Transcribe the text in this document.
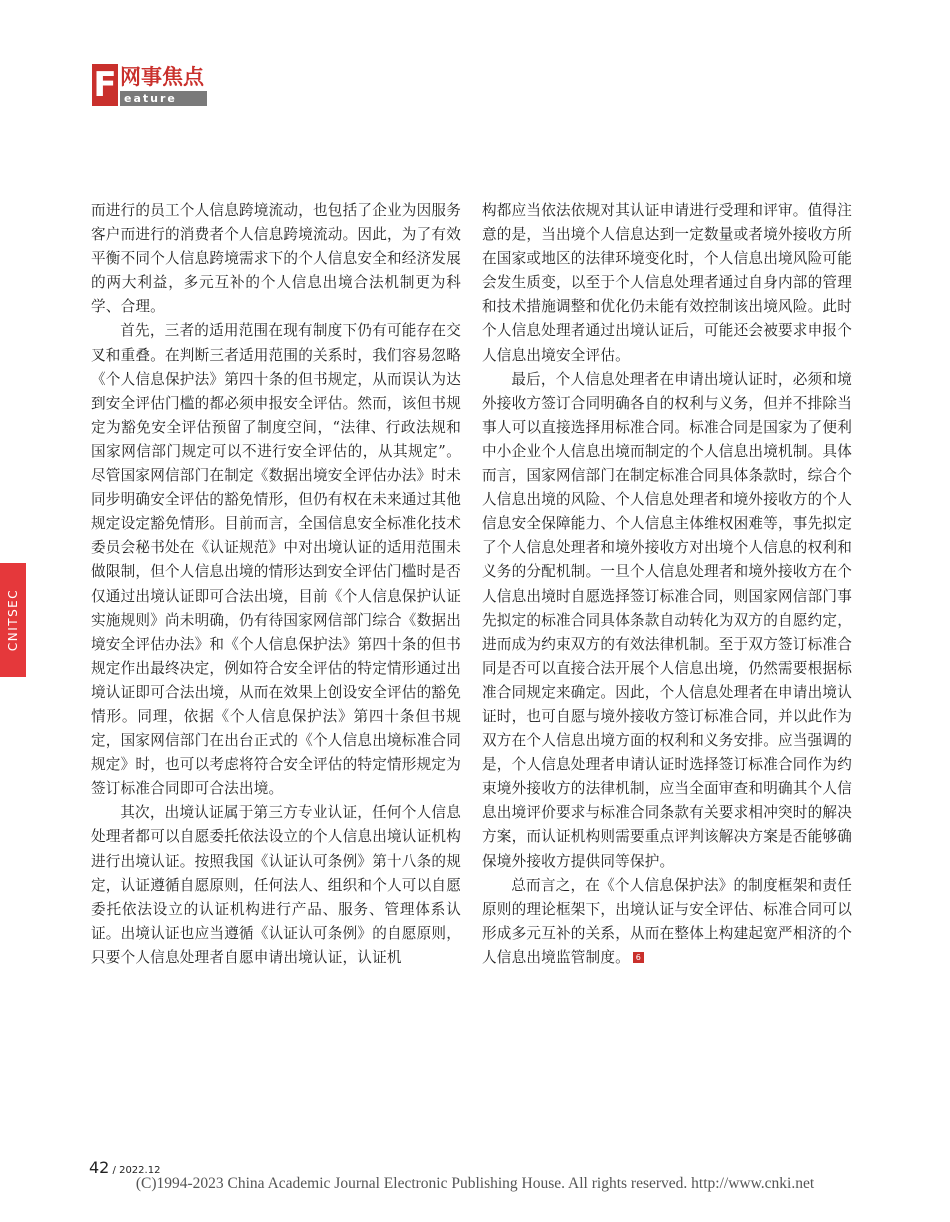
F 网事焦点
eature
CNITSEC

而进行的员工个人信息跨境流动，也包括了企业为因服务客户而进行的消费者个人信息跨境流动。因此，为了有效平衡不同个人信息跨境需求下的个人信息安全和经济发展的两大利益，多元互补的个人信息出境合法机制更为科学、合理。

首先，三者的适用范围在现有制度下仍有可能存在交叉和重叠。在判断三者适用范围的关系时，我们容易忽略《个人信息保护法》第四十条的但书规定，从而误认为达到安全评估门槛的都必须申报安全评估。然而，该但书规定为豁免安全评估预留了制度空间，“法律、行政法规和国家网信部门规定可以不进行安全评估的，从其规定”。尽管国家网信部门在制定《数据出境安全评估办法》时未同步明确安全评估的豁免情形，但仍有权在未来通过其他规定设定豁免情形。目前而言，全国信息安全标准化技术委员会秘书处在《认证规范》中对出境认证的适用范围未做限制，但个人信息出境的情形达到安全评估门槛时是否仅通过出境认证即可合法出境，目前《个人信息保护认证实施规则》尚未明确，仍有待国家网信部门综合《数据出境安全评估办法》和《个人信息保护法》第四十条的但书规定作出最终决定，例如符合安全评估的特定情形通过出境认证即可合法出境，从而在效果上创设安全评估的豁免情形。同理，依据《个人信息保护法》第四十条但书规定，国家网信部门在出台正式的《个人信息出境标准合同规定》时，也可以考虑将符合安全评估的特定情形规定为签订标准合同即可合法出境。

其次，出境认证属于第三方专业认证，任何个人信息处理者都可以自愿委托依法设立的个人信息出境认证机构进行出境认证。按照我国《认证认可条例》第十八条的规定，认证遵循自愿原则，任何法人、组织和个人可以自愿委托依法设立的认证机构进行产品、服务、管理体系认证。出境认证也应当遵循《认证认可条例》的自愿原则，只要个人信息处理者自愿申请出境认证，认证机

构都应当依法依规对其认证申请进行受理和评审。值得注意的是，当出境个人信息达到一定数量或者境外接收方所在国家或地区的法律环境变化时，个人信息出境风险可能会发生质变，以至于个人信息处理者通过自身内部的管理和技术措施调整和优化仍未能有效控制该出境风险。此时个人信息处理者通过出境认证后，可能还会被要求申报个人信息出境安全评估。

最后，个人信息处理者在申请出境认证时，必须和境外接收方签订合同明确各自的权利与义务，但并不排除当事人可以直接选择用标准合同。标准合同是国家为了便利中小企业个人信息出境而制定的个人信息出境机制。具体而言，国家网信部门在制定标准合同具体条款时，综合个人信息出境的风险、个人信息处理者和境外接收方的个人信息安全保障能力、个人信息主体维权困难等，事先拟定了个人信息处理者和境外接收方对出境个人信息的权利和义务的分配机制。一旦个人信息处理者和境外接收方在个人信息出境时自愿选择签订标准合同，则国家网信部门事先拟定的标准合同具体条款自动转化为双方的自愿约定，进而成为约束双方的有效法律机制。至于双方签订标准合同是否可以直接合法开展个人信息出境，仍然需要根据标准合同规定来确定。因此，个人信息处理者在申请出境认证时，也可自愿与境外接收方签订标准合同，并以此作为双方在个人信息出境方面的权利和义务安排。应当强调的是，个人信息处理者申请认证时选择签订标准合同作为约束境外接收方的法律机制，应当全面审查和明确其个人信息出境评价要求与标准合同条款有关要求相冲突时的解决方案，而认证机构则需要重点评判该解决方案是否能够确保境外接收方提供同等保护。

总而言之，在《个人信息保护法》的制度框架和责任原则的理论框架下，出境认证与安全评估、标准合同可以形成多元互补的关系，从而在整体上构建起宽严相济的个人信息出境监管制度。 6

42 / 2022.12
(C)1994-2023 China Academic Journal Electronic Publishing House. All rights reserved. http://www.cnki.net
